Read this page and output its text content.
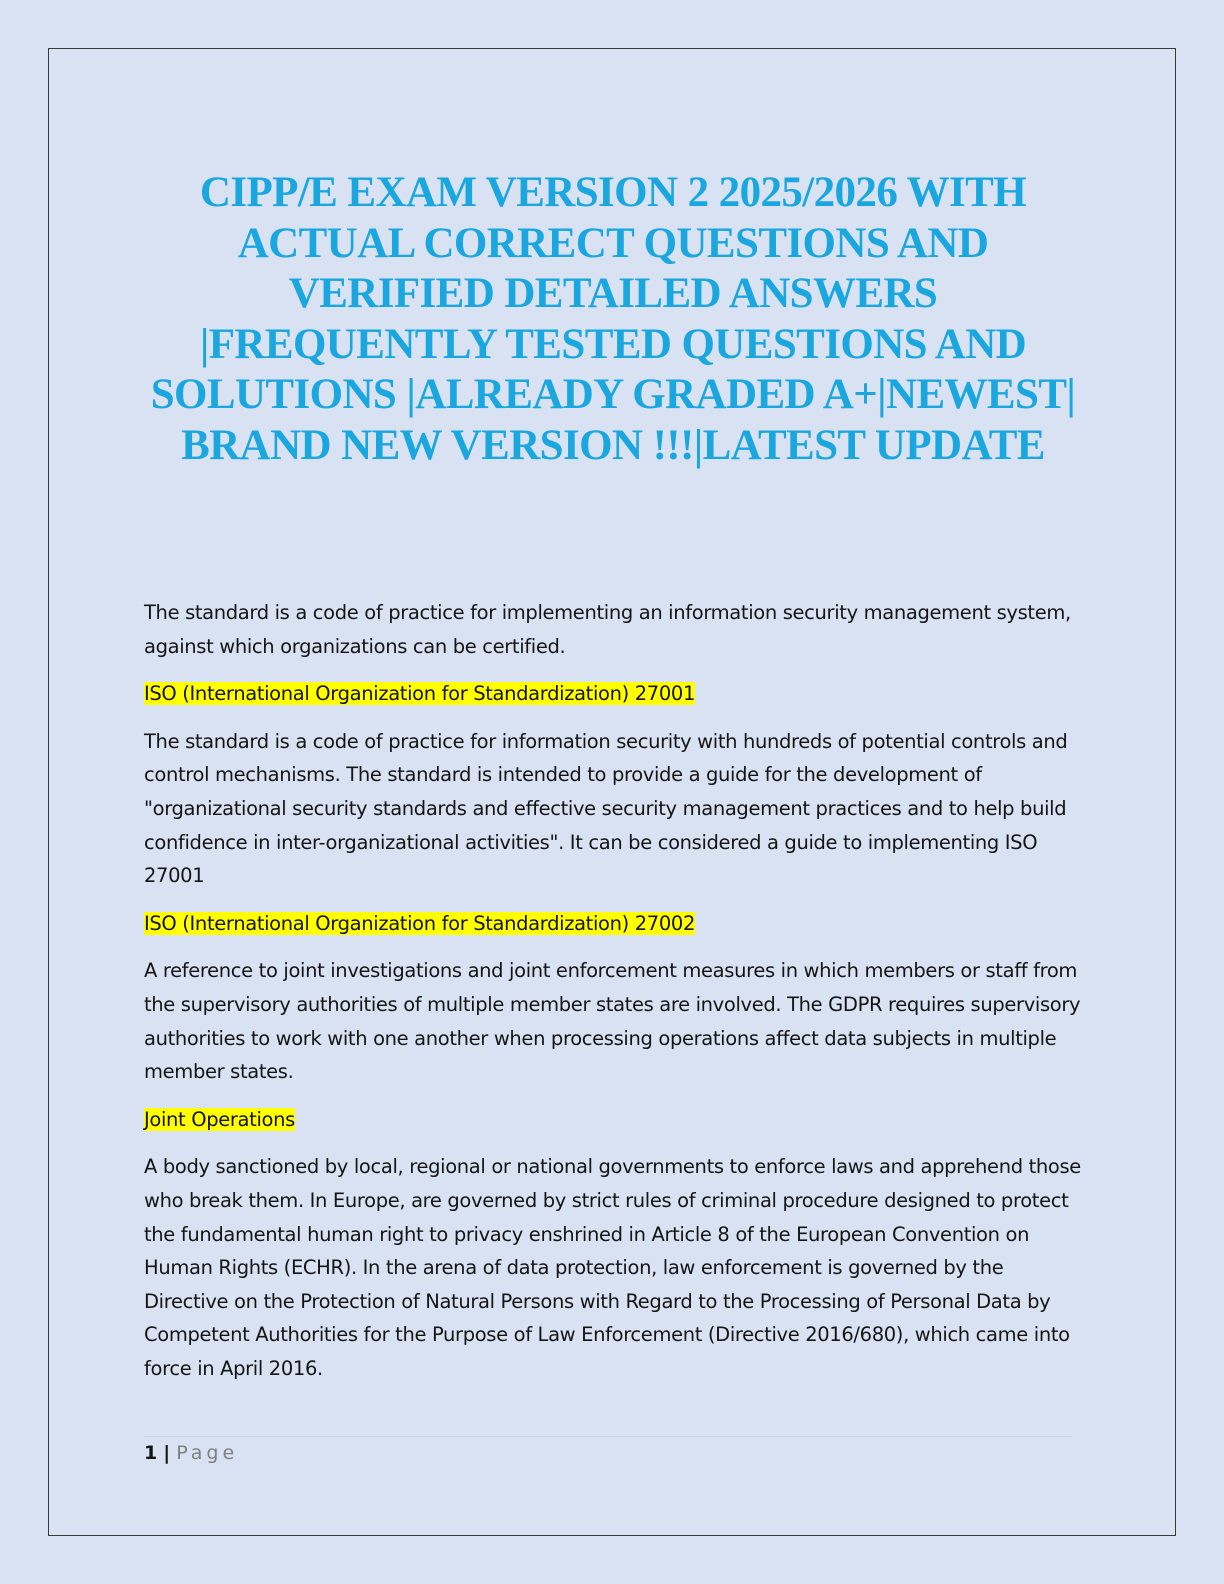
CIPP/E EXAM VERSION 2 2025/2026 WITH
ACTUAL CORRECT QUESTIONS AND
VERIFIED DETAILED ANSWERS
|FREQUENTLY TESTED QUESTIONS AND
SOLUTIONS |ALREADY GRADED A+|NEWEST|
BRAND NEW VERSION !!!|LATEST UPDATE

The standard is a code of practice for implementing an information security management system, against which organizations can be certified.

ISO (International Organization for Standardization) 27001

The standard is a code of practice for information security with hundreds of potential controls and control mechanisms. The standard is intended to provide a guide for the development of "organizational security standards and effective security management practices and to help build confidence in inter-organizational activities". It can be considered a guide to implementing ISO 27001

ISO (International Organization for Standardization) 27002

A reference to joint investigations and joint enforcement measures in which members or staff from the supervisory authorities of multiple member states are involved. The GDPR requires supervisory authorities to work with one another when processing operations affect data subjects in multiple member states.

Joint Operations

A body sanctioned by local, regional or national governments to enforce laws and apprehend those who break them. In Europe, are governed by strict rules of criminal procedure designed to protect the fundamental human right to privacy enshrined in Article 8 of the European Convention on Human Rights (ECHR). In the arena of data protection, law enforcement is governed by the Directive on the Protection of Natural Persons with Regard to the Processing of Personal Data by Competent Authorities for the Purpose of Law Enforcement (Directive 2016/680), which came into force in April 2016.

1 | Page
